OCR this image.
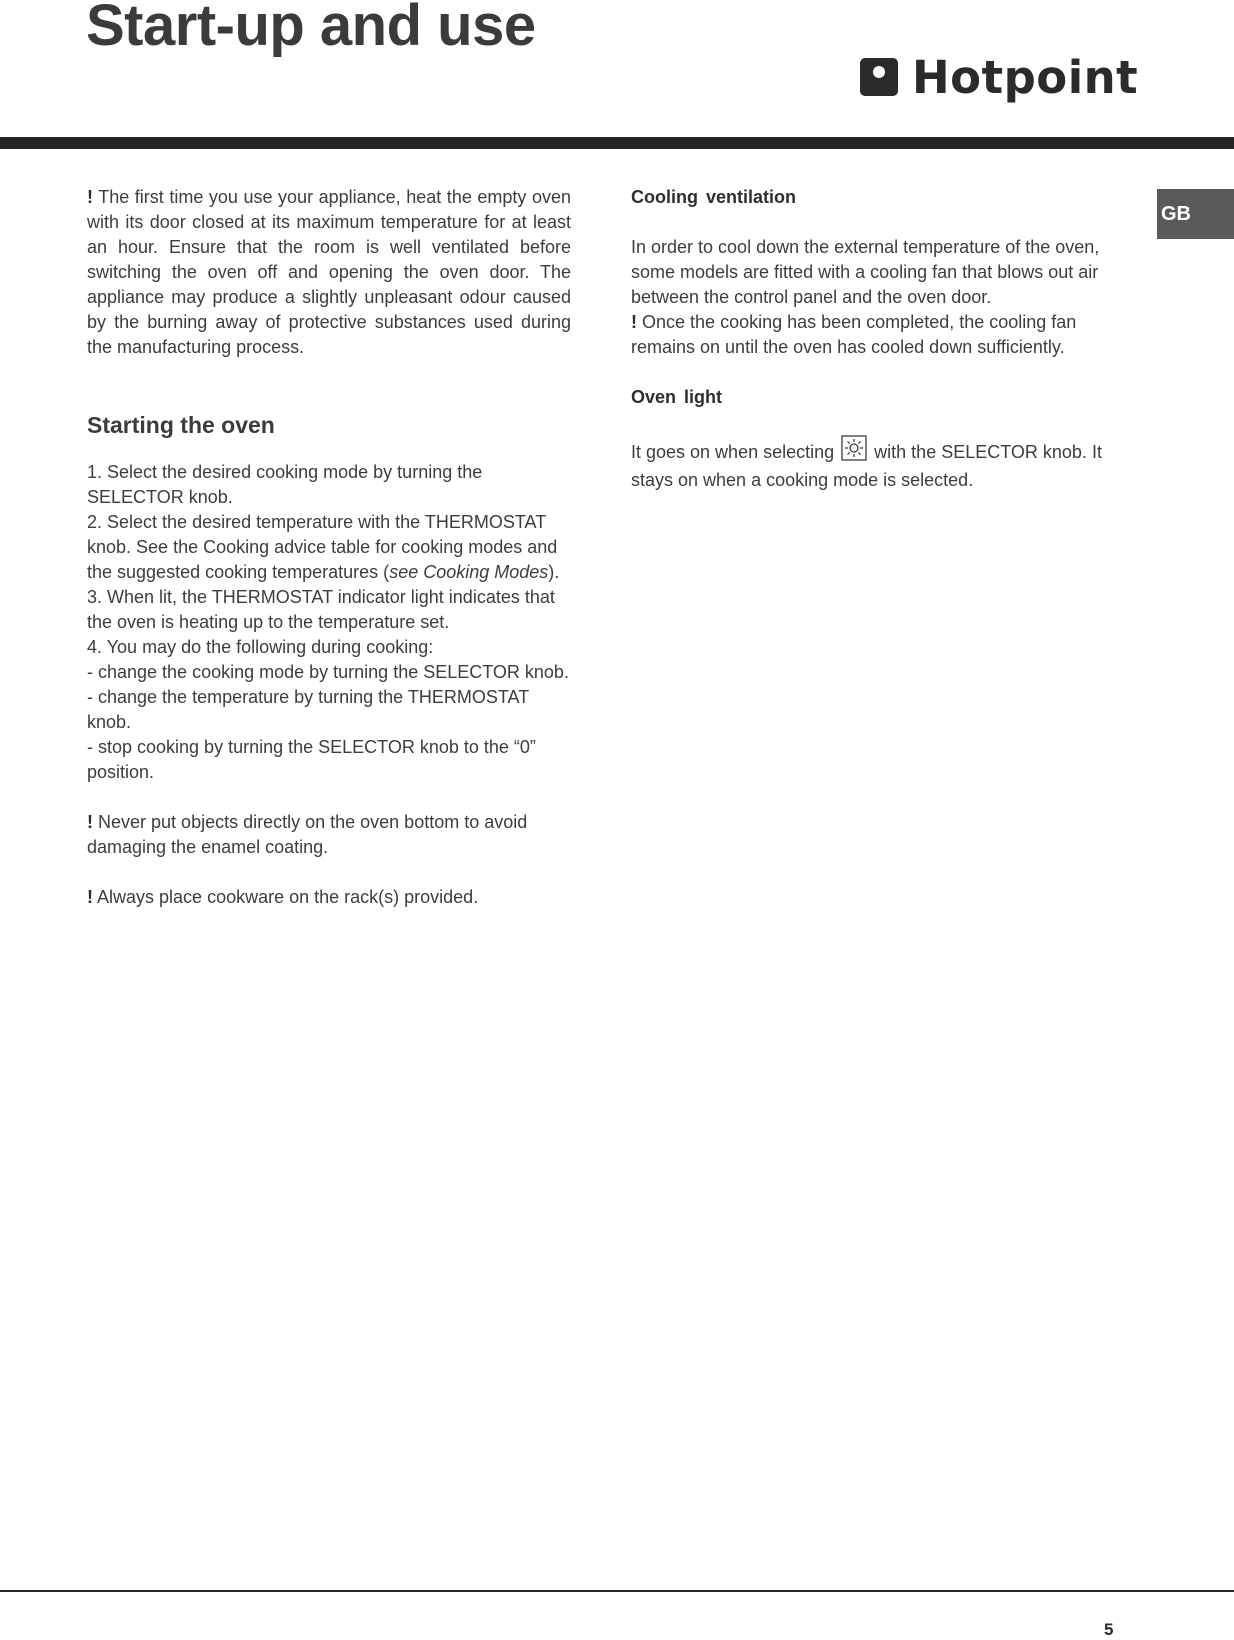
Start-up and use
Hotpoint
GB

! The first time you use your appliance, heat the empty oven with its door closed at its maximum temperature for at least an hour. Ensure that the room is well ventilated before switching the oven off and opening the oven door. The appliance may produce a slightly unpleasant odour caused by the burning away of protective substances used during the manufacturing process.

Starting the oven

1. Select the desired cooking mode by turning the SELECTOR knob.

2. Select the desired temperature with the THERMOSTAT knob. See the Cooking advice table for cooking modes and the suggested cooking temperatures (see Cooking Modes).

3. When lit, the THERMOSTAT indicator light indicates that the oven is heating up to the temperature set.

4. You may do the following during cooking:

- change the cooking mode by turning the SELECTOR knob.

- change the temperature by turning the THERMOSTAT knob.

- stop cooking by turning the SELECTOR knob to the “0” position.

! Never put objects directly on the oven bottom to avoid damaging the enamel coating.

! Always place cookware on the rack(s) provided.

Cooling ventilation

In order to cool down the external temperature of the oven, some models are fitted with a cooling fan that blows out air between the control panel and the oven door.

! Once the cooking has been completed, the cooling fan remains on until the oven has cooled down sufficiently.

Oven light

It goes on when selecting with the SELECTOR knob. It stays on when a cooking mode is selected.

5
